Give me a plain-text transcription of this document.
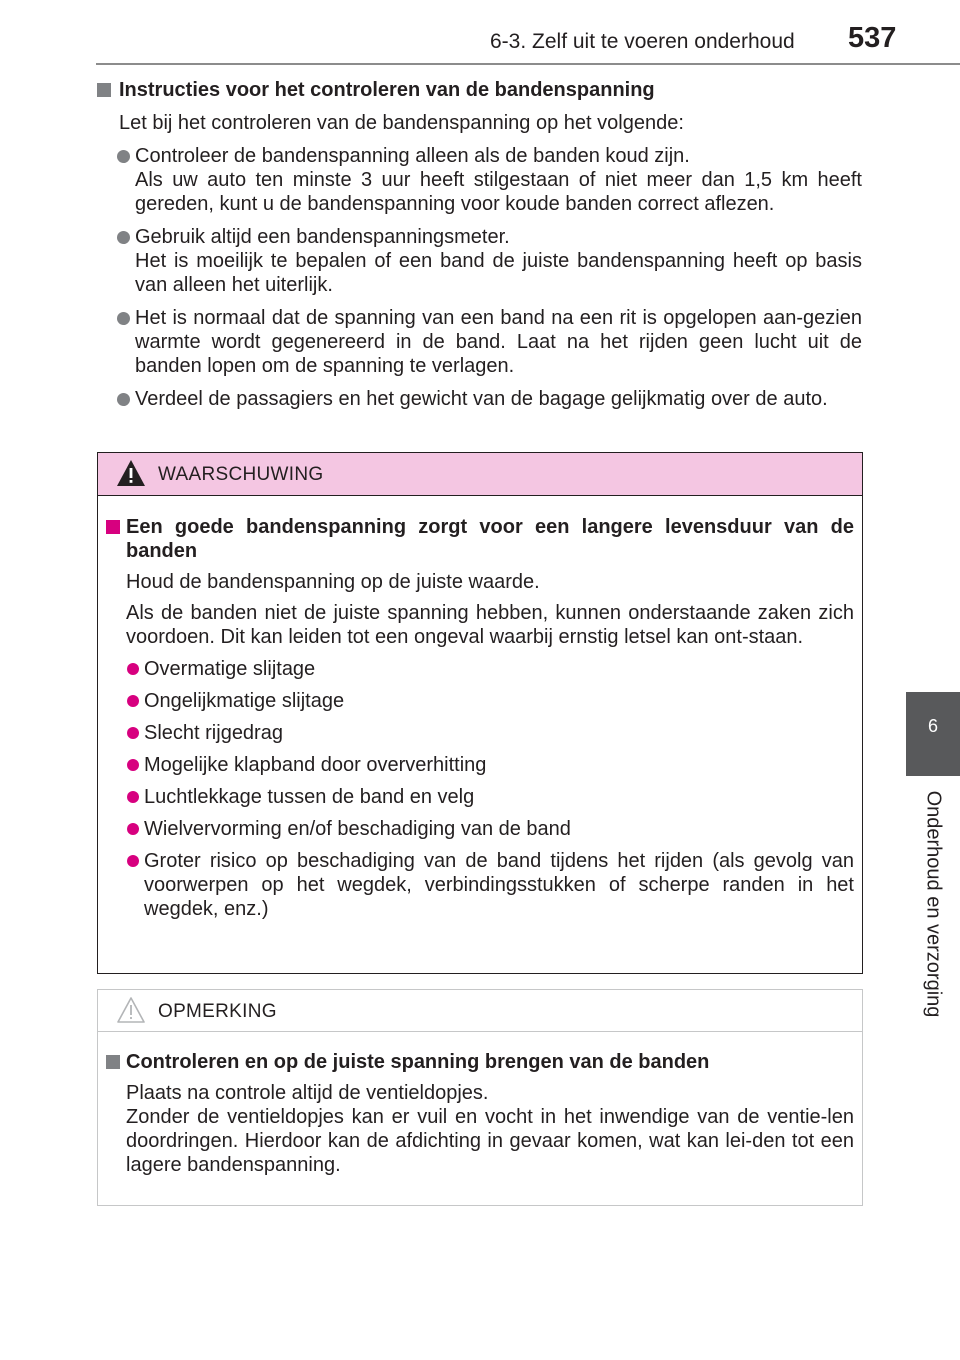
6-3. Zelf uit te voeren onderhoud 537
6
Onderhoud en verzorging
Instructies voor het controleren van de bandenspanning
Let bij het controleren van de bandenspanning op het volgende:
Controleer de bandenspanning alleen als de banden koud zijn.
Als uw auto ten minste 3 uur heeft stilgestaan of niet meer dan 1,5 km heeft gereden, kunt u de bandenspanning voor koude banden correct aflezen.
Gebruik altijd een bandenspanningsmeter.
Het is moeilijk te bepalen of een band de juiste bandenspanning heeft op basis van alleen het uiterlijk.
Het is normaal dat de spanning van een band na een rit is opgelopen aan-gezien warmte wordt gegenereerd in de band. Laat na het rijden geen lucht uit de banden lopen om de spanning te verlagen.
Verdeel de passagiers en het gewicht van de bagage gelijkmatig over de auto.
WAARSCHUWING
Een goede bandenspanning zorgt voor een langere levensduur van de banden
Houd de bandenspanning op de juiste waarde.
Als de banden niet de juiste spanning hebben, kunnen onderstaande zaken zich voordoen. Dit kan leiden tot een ongeval waarbij ernstig letsel kan ont-staan.
Overmatige slijtage
Ongelijkmatige slijtage
Slecht rijgedrag
Mogelijke klapband door oververhitting
Luchtlekkage tussen de band en velg
Wielvervorming en/of beschadiging van de band
Groter risico op beschadiging van de band tijdens het rijden (als gevolg van voorwerpen op het wegdek, verbindingsstukken of scherpe randen in het wegdek, enz.)
OPMERKING
Controleren en op de juiste spanning brengen van de banden
Plaats na controle altijd de ventieldopjes.
Zonder de ventieldopjes kan er vuil en vocht in het inwendige van de ventie-len doordringen. Hierdoor kan de afdichting in gevaar komen, wat kan lei-den tot een lagere bandenspanning.
